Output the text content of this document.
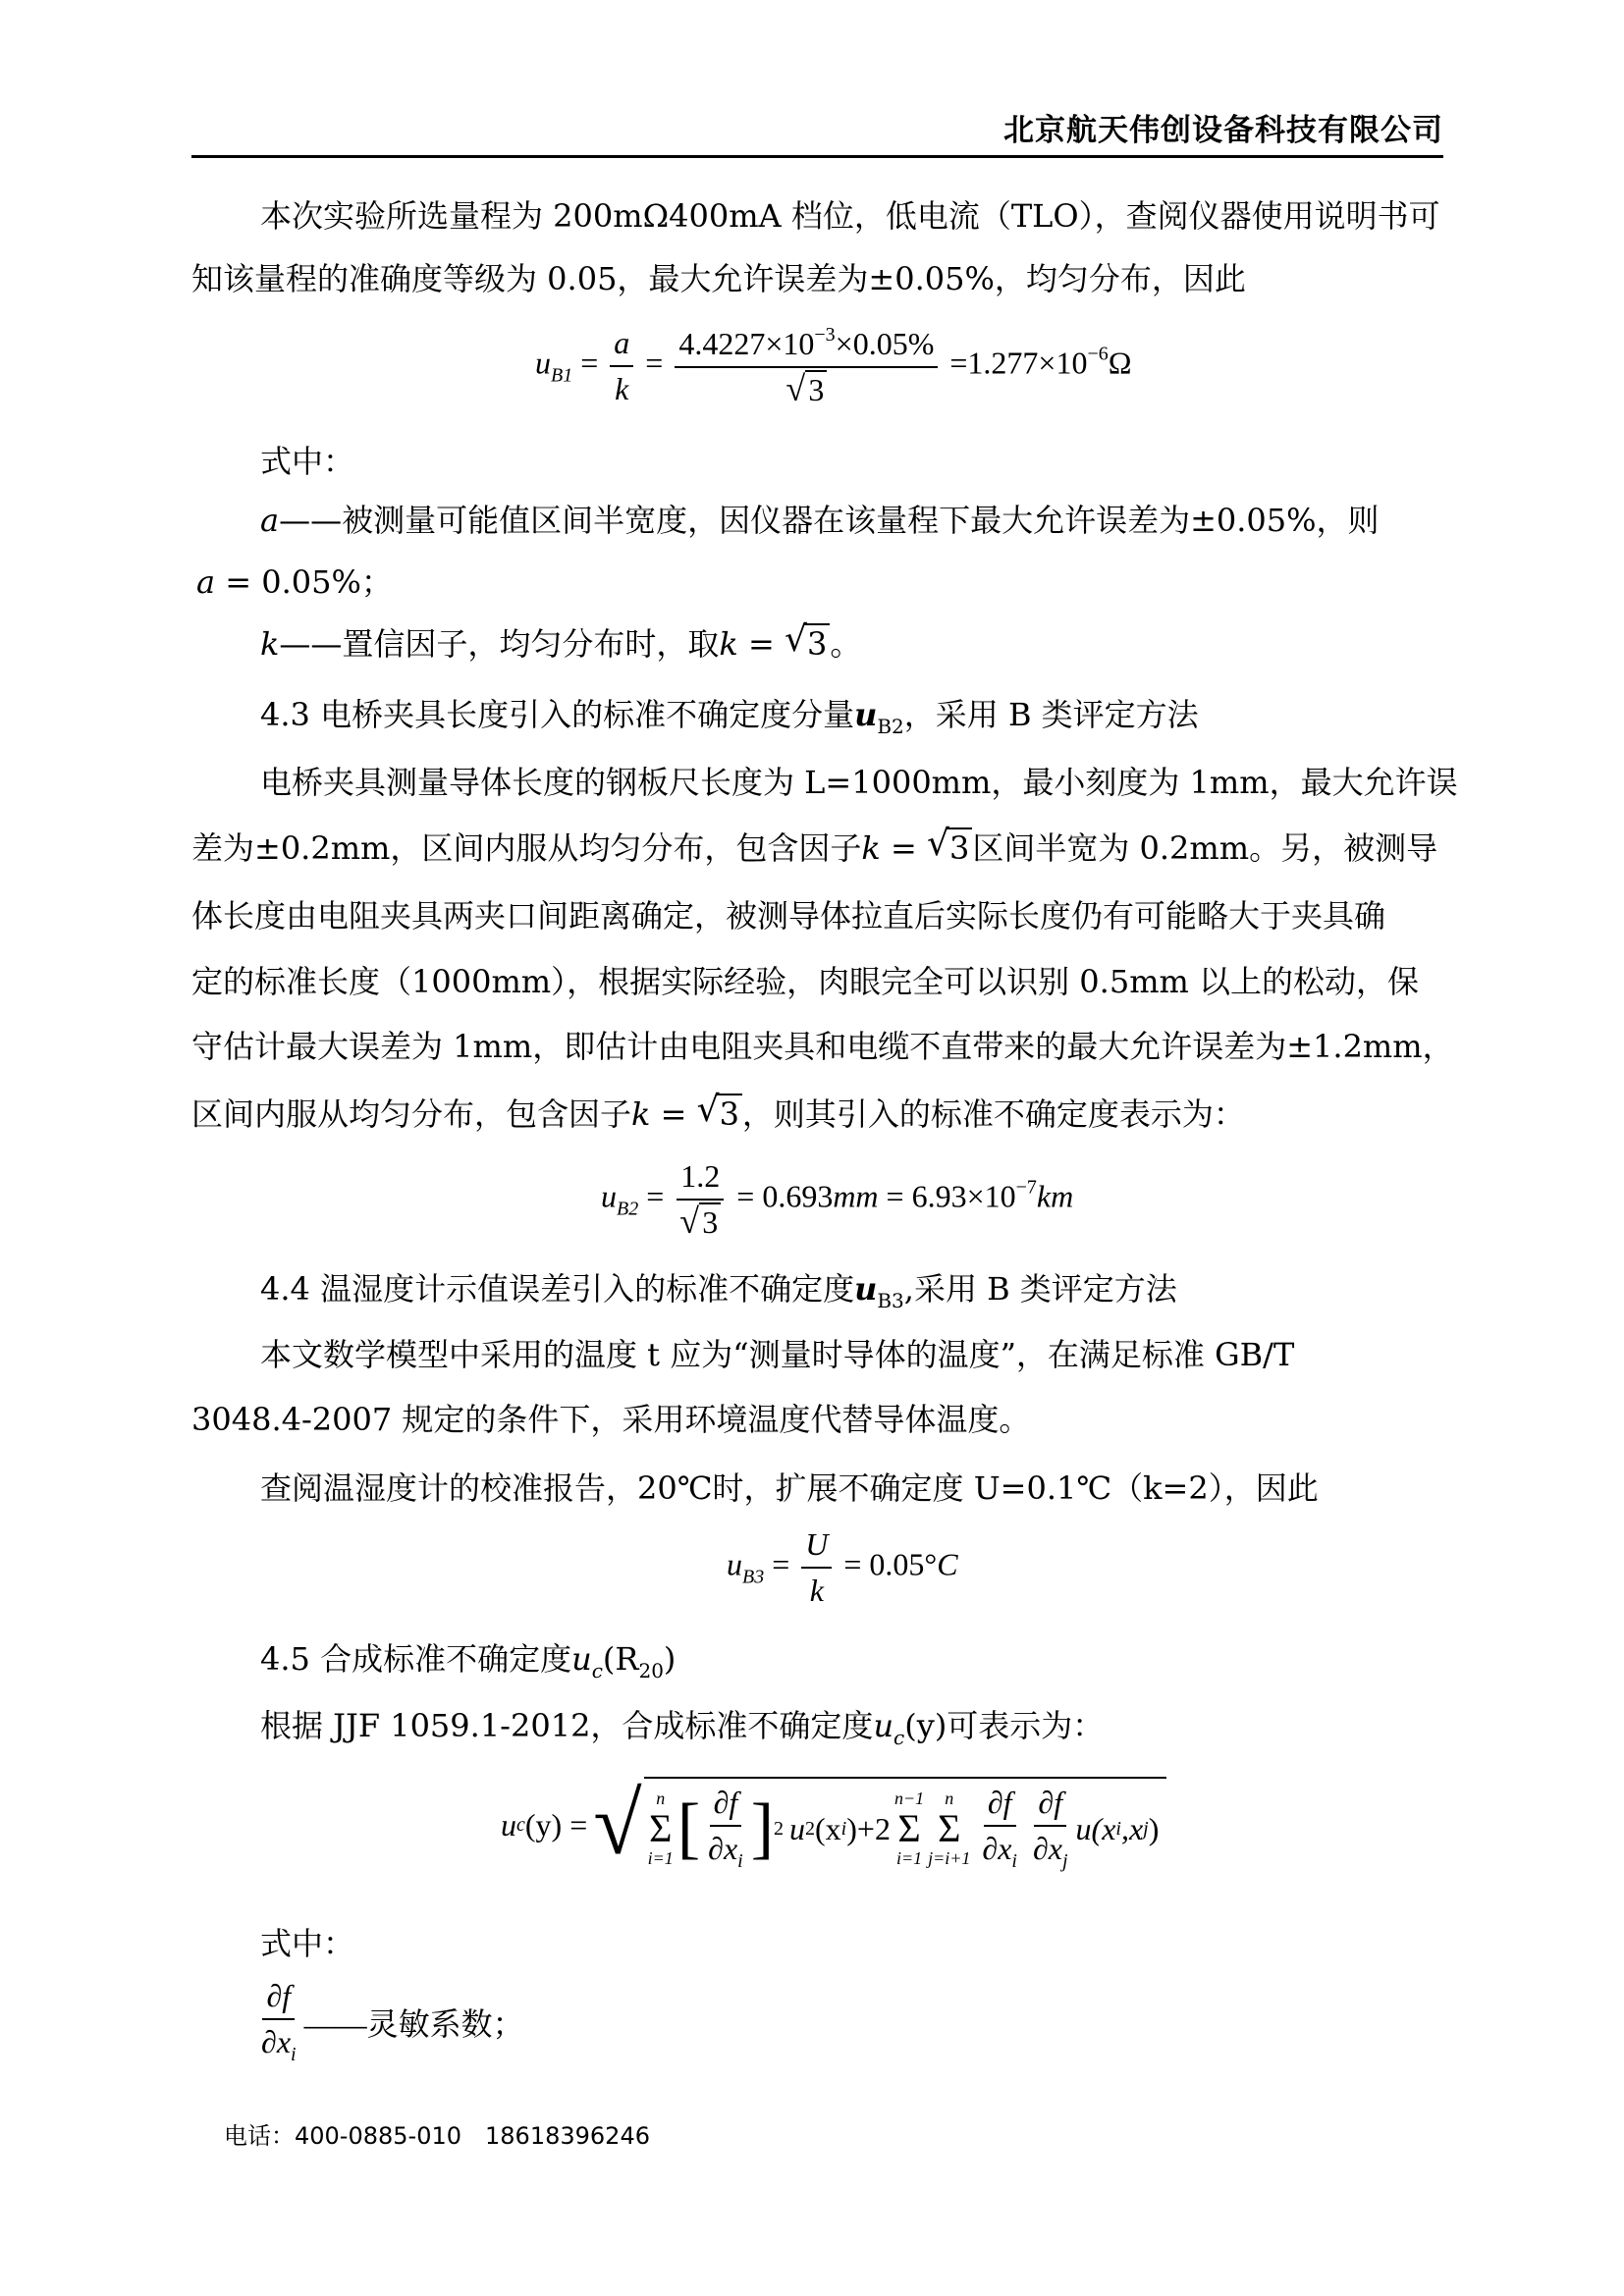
北京航天伟创设备科技有限公司
本次实验所选量程为 200mΩ400mA 档位，低电流（TLO），查阅仪器使用说明书可
知该量程的准确度等级为 0.05，最大允许误差为±0.05%，均匀分布，因此
$u_{B1} = \frac{a}{k} = 4.4227\times 10^{-3}\times 0.05\%$
√ $3 =1.277\times 10^{-6}\Omega$
式中：
a——被测量可能值区间半宽度，因仪器在该量程下最大允许误差为±0.05%，则
a = 0.05%；
k——置信因子，均匀分布时，取k = √ 3。
4.3 电桥夹具长度引入的标准不确定度分量$u_{B2}$，采用 B 类评定方法
电桥夹具测量导体长度的钢板尺长度为 L=1000mm，最小刻度为 1mm，最大允许误
差为±0.2mm，区间内服从均匀分布，包含因子k = √ 3区间半宽为 0.2mm。另，被测导
体长度由电阻夹具两夹口间距离确定，被测导体拉直后实际长度仍有可能略大于夹具确
定的标准长度（1000mm），根据实际经验，肉眼完全可以识别 0.5mm 以上的松动，保
守估计最大误差为 1mm，即估计由电阻夹具和电缆不直带来的最大允许误差为±1.2mm，
区间内服从均匀分布，包含因子k = √ 3，则其引入的标准不确定度表示为：
$u_{B2} = 1.2$
√ $3 = 0.693mm = 6.93\times 10^{-7}km$
4.4 温湿度计示值误差引入的标准不确定度$u_{B3}$,采用 B 类评定方法
本文数学模型中采用的温度 t 应为“测量时导体的温度”，在满足标准 GB/T
3048.4-2007 规定的条件下，采用环境温度代替导体温度。
查阅温湿度计的校准报告，20℃时，扩展不确定度 U=0.1℃（k=2），因此
$u_{B3} = \frac{U}{k} = 0.05^\circ C$
4.5 合成标准不确定度$u_c(R_{20})$
根据 JJF 1059.1-2012，合成标准不确定度$u_c(y)$可表示为：
u c (y) = √ n
Σ
i=1 [ $\frac{\partial f}{\partial x_i}$ ] 2 u 2 (x i )+2
n−1
Σ
i=1
n
Σ
$j=i+1 \frac{\partial f}{\partial x_i} \frac{\partial f}{\partial x_j} u(x$ i ,x j )
式中：
$\frac{\partial f}{\partial x_i}$ ——灵敏系数；
电话：400-0885-010 18618396246
